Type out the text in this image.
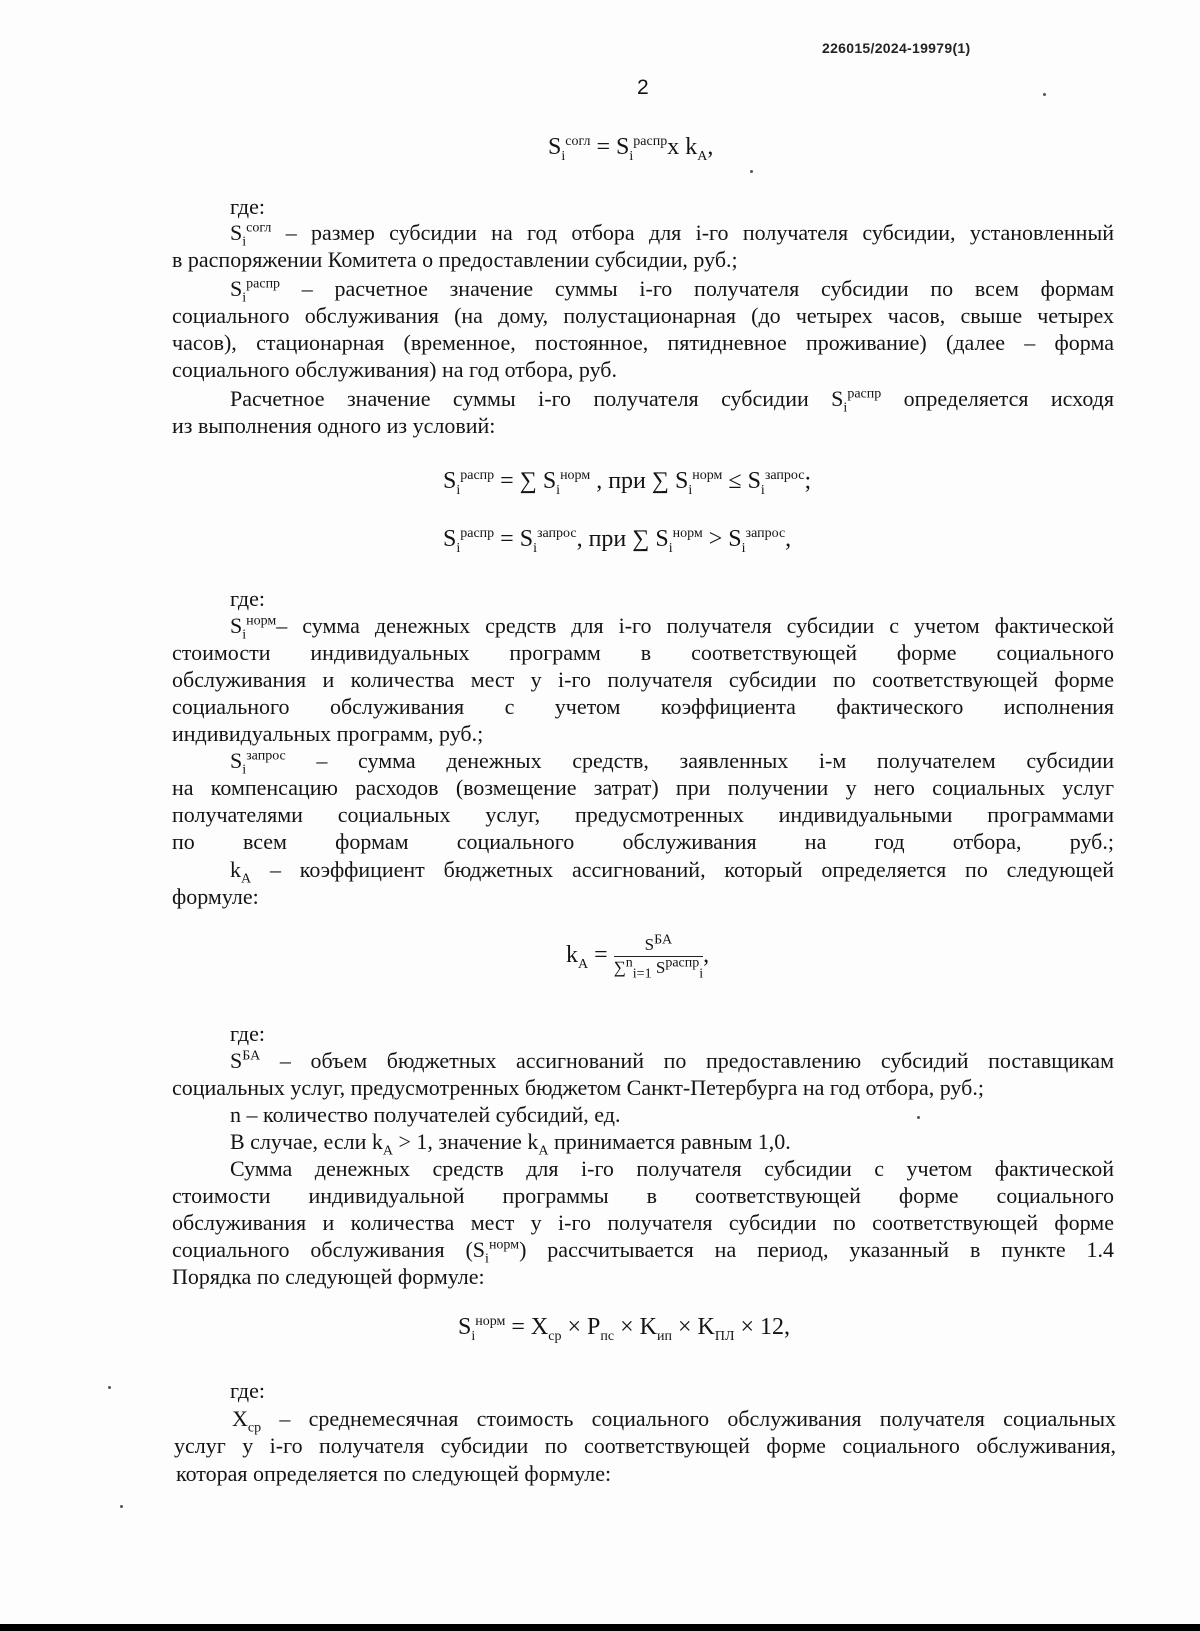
226015/2024-19979(1)
2
$S_i^{согл} = S_i^{распр}x$ $k_A$,
где:
$S_i^{согл}$ – размер субсидии на год отбора для i-го получателя субсидии, установленный
в распоряжении Комитета о предоставлении субсидии, руб.;
$S_i^{распр}$ – расчетное значение суммы i-го получателя субсидии по всем формам
социального обслуживания (на дому, полустационарная (до четырех часов, свыше четырех
часов), стационарная (временное, постоянное, пятидневное проживание) (далее – форма
социального обслуживания) на год отбора, руб.
Расчетное значение суммы i-го получателя субсидии $S_i^{распр}$ определяется исходя
из выполнения одного из условий:
$S_i^{распр}$ = ∑ $S_i^{норм}$ , при ∑ $S_i^{норм} \le S_i^{запрос}$;
$S_i^{распр} = S_i^{запрос}$, при ∑ $S_i^{норм} > S_i^{запрос}$,
где:
$S_i^{норм}-$ сумма денежных средств для i-го получателя субсидии с учетом фактической
стоимости индивидуальных программ в соответствующей форме социального
обслуживания и количества мест у i-го получателя субсидии по соответствующей форме
социального обслуживания с учетом коэффициента фактического исполнения
индивидуальных программ, руб.;
$S_i^{запрос}$ – сумма денежных средств, заявленных i-м получателем субсидии
на компенсацию расходов (возмещение затрат) при получении у него социальных услуг
получателями социальных услуг, предусмотренных индивидуальными программами
по всем формам социального обслуживания на год отбора, руб.;
$k_A$ – коэффициент бюджетных ассигнований, который определяется по следующей
формуле:
$k_A = \frac{S^{БА}}{\sum^n_{i=1} S^{распр}_i}$ ,
где:
$S^{БА}$ – объем бюджетных ассигнований по предоставлению субсидий поставщикам
социальных услуг, предусмотренных бюджетом Санкт-Петербурга на год отбора, руб.;
n – количество получателей субсидий, ед.
В случае, если $k_A > 1$, значение $k_A$ принимается равным 1,0.
Сумма денежных средств для i-го получателя субсидии с учетом фактической
стоимости индивидуальной программы в соответствующей форме социального
обслуживания и количества мест у i-го получателя субсидии по соответствующей форме
социального обслуживания $(S_i^{норм})$ рассчитывается на период, указанный в пункте 1.4
Порядка по следующей формуле:
$S_i^{норм} = X_{ср} \times P_{пс} \times K_{ип} \times K_{ПЛ} \times 12$,
где:
$X_{ср}$ – среднемесячная стоимость социального обслуживания получателя социальных
услуг у i-го получателя субсидии по соответствующей форме социального обслуживания,
которая определяется по следующей формуле:
